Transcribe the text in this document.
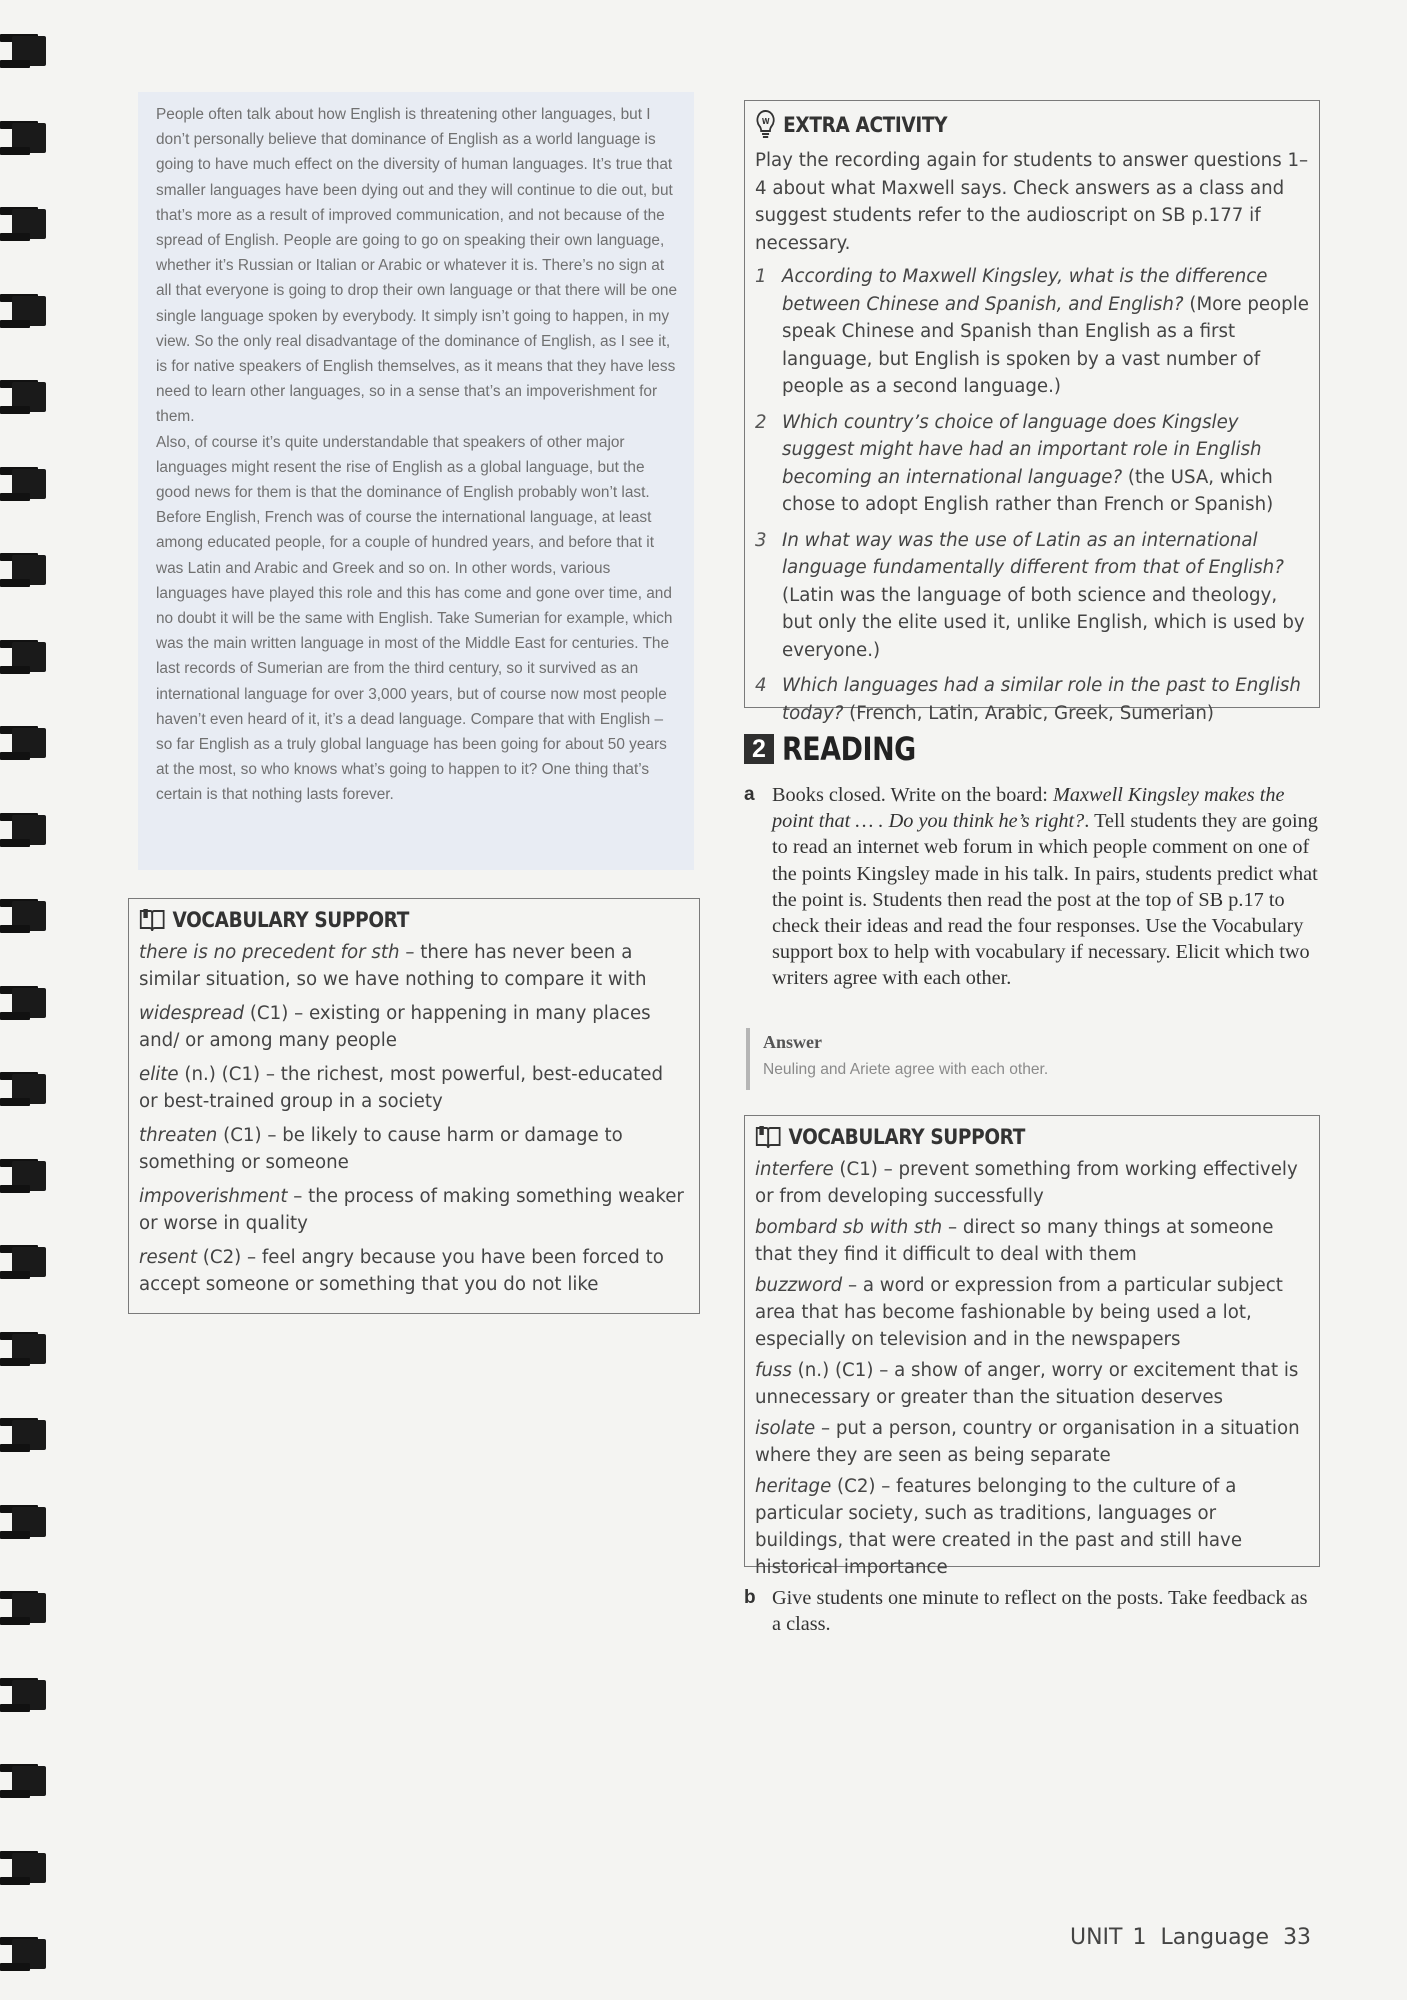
People often talk about how English is threatening other languages, but I don’t personally believe that dominance of English as a world language is going to have much effect on the diversity of human languages. It’s true that smaller languages have been dying out and they will continue to die out, but that’s more as a result of improved communication, and not because of the spread of English. People are going to go on speaking their own language, whether it’s Russian or Italian or Arabic or whatever it is. There’s no sign at all that everyone is going to drop their own language or that there will be one single language spoken by everybody. It simply isn’t going to happen, in my view. So the only real disadvantage of the dominance of English, as I see it, is for native speakers of English themselves, as it means that they have less need to learn other languages, so in a sense that’s an impoverishment for them.

Also, of course it’s quite understandable that speakers of other major languages might resent the rise of English as a global language, but the good news for them is that the dominance of English probably won’t last. Before English, French was of course the international language, at least among educated people, for a couple of hundred years, and before that it was Latin and Arabic and Greek and so on. In other words, various languages have played this role and this has come and gone over time, and no doubt it will be the same with English. Take Sumerian for example, which was the main written language in most of the Middle East for centuries. The last records of Sumerian are from the third century, so it survived as an international language for over 3,000 years, but of course now most people haven’t even heard of it, it’s a dead language. Compare that with English – so far English as a truly global language has been going for about 50 years at the most, so who knows what’s going to happen to it? One thing that’s certain is that nothing lasts forever.

VOCABULARY SUPPORT
there is no precedent for sth – there has never been a similar situation, so we have nothing to compare it with
widespread (C1) – existing or happening in many places and/ or among many people
elite (n.) (C1) – the richest, most powerful, best-educated or best-trained group in a society
threaten (C1) – be likely to cause harm or damage to something or someone
impoverishment – the process of making something weaker or worse in quality
resent (C2) – feel angry because you have been forced to accept someone or something that you do not like
W EXTRA ACTIVITY
Play the recording again for students to answer questions 1–4 about what Maxwell says. Check answers as a class and suggest students refer to the audioscript on SB p.177 if necessary.
1 According to Maxwell Kingsley, what is the difference between Chinese and Spanish, and English? (More people speak Chinese and Spanish than English as a first language, but English is spoken by a vast number of people as a second language.)
2 Which country’s choice of language does Kingsley suggest might have had an important role in English becoming an international language? (the USA, which chose to adopt English rather than French or Spanish)
3 In what way was the use of Latin as an international language fundamentally different from that of English? (Latin was the language of both science and theology, but only the elite used it, unlike English, which is used by everyone.)
4 Which languages had a similar role in the past to English today? (French, Latin, Arabic, Greek, Sumerian)
2 READING
a Books closed. Write on the board: Maxwell Kingsley makes the point that … . Do you think he’s right?. Tell students they are going to read an internet web forum in which people comment on one of the points Kingsley made in his talk. In pairs, students predict what the point is. Students then read the post at the top of SB p.17 to check their ideas and read the four responses. Use the Vocabulary support box to help with vocabulary if necessary. Elicit which two writers agree with each other.
Answer
Neuling and Ariete agree with each other.
VOCABULARY SUPPORT
interfere (C1) – prevent something from working effectively or from developing successfully
bombard sb with sth – direct so many things at someone that they find it difficult to deal with them
buzzword – a word or expression from a particular subject area that has become fashionable by being used a lot, especially on television and in the newspapers
fuss (n.) (C1) – a show of anger, worry or excitement that is unnecessary or greater than the situation deserves
isolate – put a person, country or organisation in a situation where they are seen as being separate
heritage (C2) – features belonging to the culture of a particular society, such as traditions, languages or buildings, that were created in the past and still have historical importance
b Give students one minute to reflect on the posts. Take feedback as a class.
UNIT 1 Language 33
